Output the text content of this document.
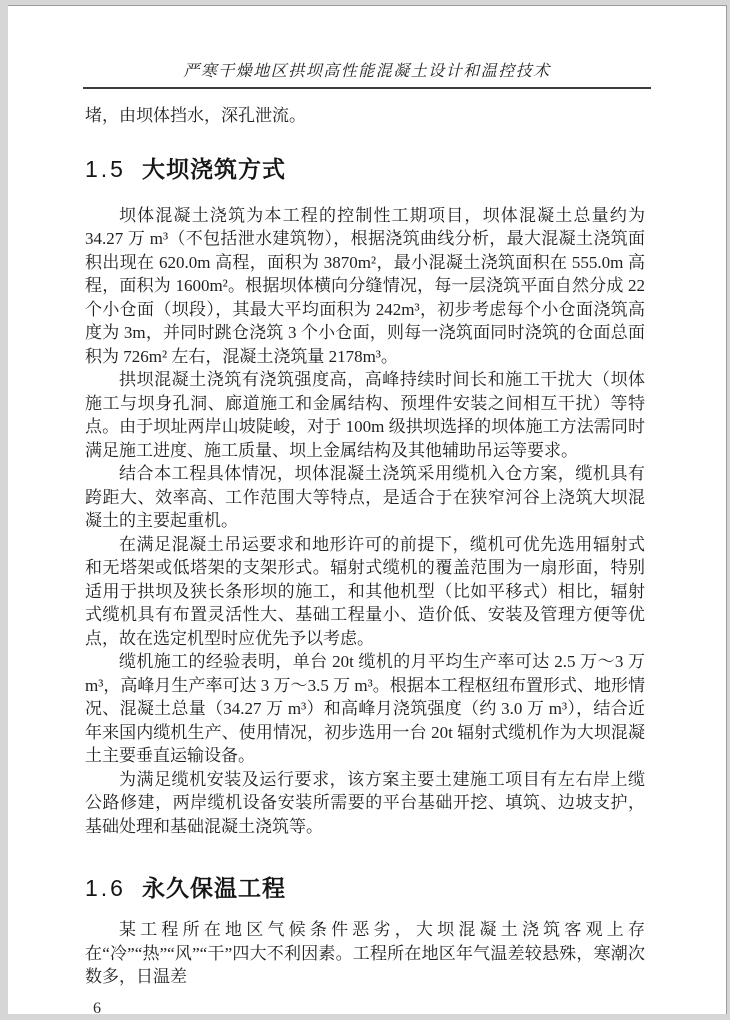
严寒干燥地区拱坝高性能混凝土设计和温控技术

堵，由坝体挡水，深孔泄流。

1.5 大坝浇筑方式

坝体混凝土浇筑为本工程的控制性工期项目，坝体混凝土总量约为 34.27 万 m³（不包括泄水建筑物），根据浇筑曲线分析，最大混凝土浇筑面积出现在 620.0m 高程，面积为 3870m²，最小混凝土浇筑面积在 555.0m 高程，面积为 1600m²。根据坝体横向分缝情况，每一层浇筑平面自然分成 22 个小仓面（坝段），其最大平均面积为 242m³，初步考虑每个小仓面浇筑高度为 3m，并同时跳仓浇筑 3 个小仓面，则每一浇筑面同时浇筑的仓面总面积为 726m² 左右，混凝土浇筑量 2178m³。

拱坝混凝土浇筑有浇筑强度高，高峰持续时间长和施工干扰大（坝体施工与坝身孔洞、廊道施工和金属结构、预埋件安装之间相互干扰）等特点。由于坝址两岸山坡陡峻，对于 100m 级拱坝选择的坝体施工方法需同时满足施工进度、施工质量、坝上金属结构及其他辅助吊运等要求。

结合本工程具体情况，坝体混凝土浇筑采用缆机入仓方案，缆机具有跨距大、效率高、工作范围大等特点，是适合于在狭窄河谷上浇筑大坝混凝土的主要起重机。

在满足混凝土吊运要求和地形许可的前提下，缆机可优先选用辐射式和无塔架或低塔架的支架形式。辐射式缆机的覆盖范围为一扇形面，特别适用于拱坝及狭长条形坝的施工，和其他机型（比如平移式）相比，辐射式缆机具有布置灵活性大、基础工程量小、造价低、安装及管理方便等优点，故在选定机型时应优先予以考虑。

缆机施工的经验表明，单台 20t 缆机的月平均生产率可达 2.5 万～3 万 m³，高峰月生产率可达 3 万～3.5 万 m³。根据本工程枢纽布置形式、地形情况、混凝土总量（34.27 万 m³）和高峰月浇筑强度（约 3.0 万 m³），结合近年来国内缆机生产、使用情况，初步选用一台 20t 辐射式缆机作为大坝混凝土主要垂直运输设备。

为满足缆机安装及运行要求，该方案主要土建施工项目有左右岸上缆公路修建，两岸缆机设备安装所需要的平台基础开挖、填筑、边坡支护，基础处理和基础混凝土浇筑等。

1.6 永久保温工程

某工程所在地区气候条件恶劣，大坝混凝土浇筑客观上存在“冷”“热”“风”“干”四大不利因素。工程所在地区年气温差较悬殊，寒潮次数多，日温差

6
